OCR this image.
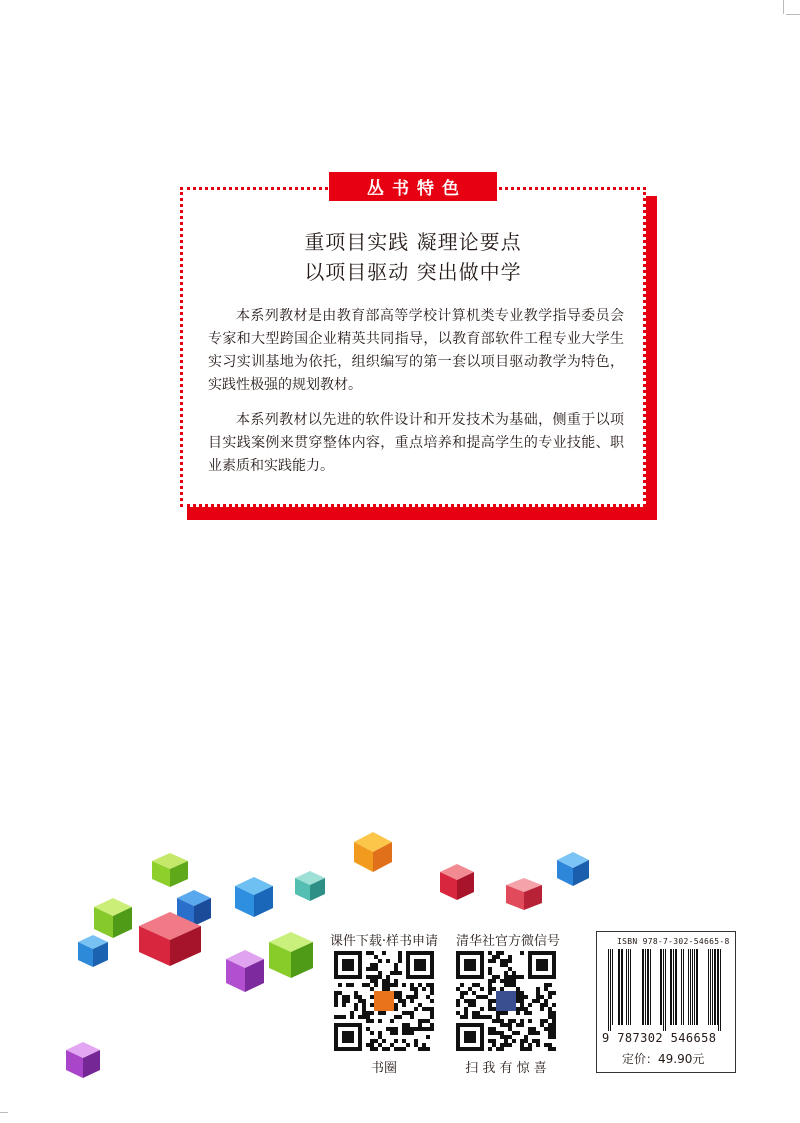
丛书特色
重项目实践 凝理论要点
以项目驱动 突出做中学

本系列教材是由教育部高等学校计算机类专业教学指导委员会专家和大型跨国企业精英共同指导，以教育部软件工程专业大学生实习实训基地为依托，组织编写的第一套以项目驱动教学为特色，实践性极强的规划教材。

本系列教材以先进的软件设计和开发技术为基础，侧重于以项目实践案例来贯穿整体内容，重点培养和提高学生的专业技能、职业素质和实践能力。

课件下载·样书申请
书圈
清华社官方微信号
扫 我 有 惊 喜
ISBN 978-7-302-54665-8
9 787302 546658
定价：49.90元
